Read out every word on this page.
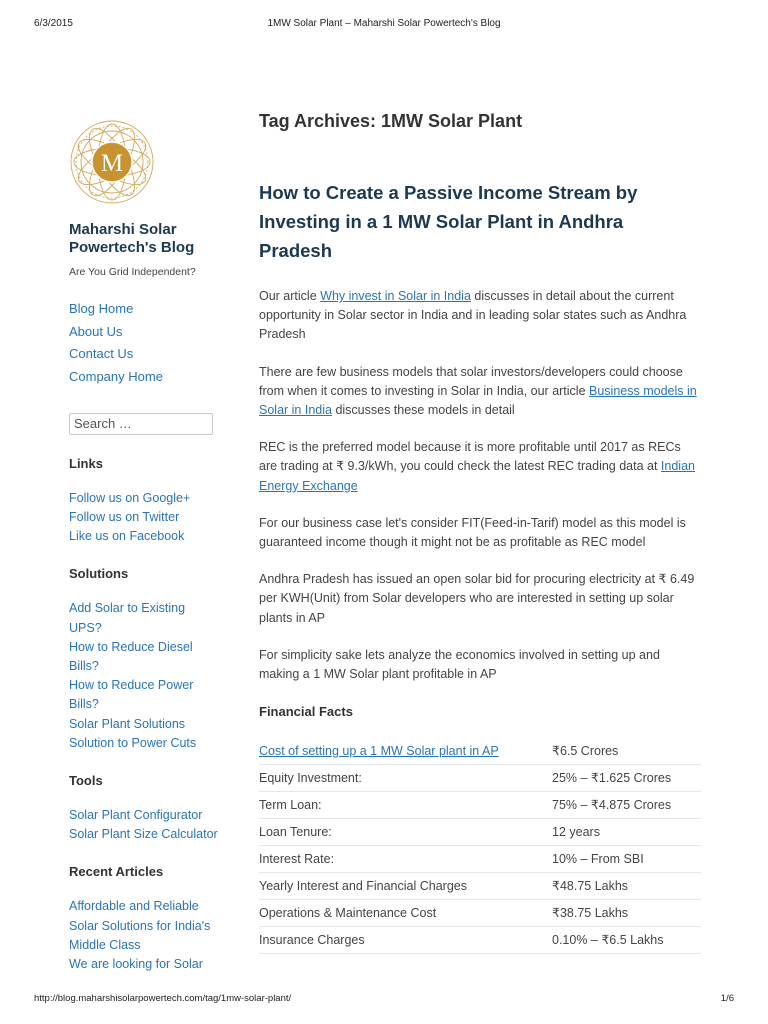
6/3/2015	1MW Solar Plant – Maharshi Solar Powertech's Blog
M
Maharshi Solar Powertech's Blog
Are You Grid Independent?
Blog Home
About Us
Contact Us
Company Home
Search …
Links
Follow us on Google+
Follow us on Twitter
Like us on Facebook
Solutions
Add Solar to Existing UPS?
How to Reduce Diesel Bills?
How to Reduce Power Bills?
Solar Plant Solutions
Solution to Power Cuts
Tools
Solar Plant Configurator
Solar Plant Size Calculator
Recent Articles
Affordable and Reliable Solar Solutions for India's Middle Class
We are looking for Solar
Tag Archives: 1MW Solar Plant
How to Create a Passive Income Stream by Investing in a 1 MW Solar Plant in Andhra Pradesh

Our article Why invest in Solar in India discusses in detail about the current opportunity in Solar sector in India and in leading solar states such as Andhra Pradesh

There are few business models that solar investors/developers could choose from when it comes to investing in Solar in India, our article Business models in Solar in India discusses these models in detail

REC is the preferred model because it is more profitable until 2017 as RECs are trading at ₹ 9.3/kWh, you could check the latest REC trading data at Indian Energy Exchange

For our business case let's consider FIT(Feed-in-Tarif) model as this model is guaranteed income though it might not be as profitable as REC model

Andhra Pradesh has issued an open solar bid for procuring electricity at ₹ 6.49 per KWH(Unit) from Solar developers who are interested in setting up solar plants in AP

For simplicity sake lets analyze the economics involved in setting up and making a 1 MW Solar plant profitable in AP

Financial Facts
Cost of setting up a 1 MW Solar plant in AP	₹6.5 Crores
Equity Investment:	25% – ₹1.625 Crores
Term Loan:	75% – ₹4.875 Crores
Loan Tenure:	12 years
Interest Rate:	10% – From SBI
Yearly Interest and Financial Charges	₹48.75 Lakhs
Operations & Maintenance Cost	₹38.75 Lakhs
Insurance Charges	0.10% – ₹6.5 Lakhs
http://blog.maharshisolarpowertech.com/tag/1mw-solar-plant/	1/6
